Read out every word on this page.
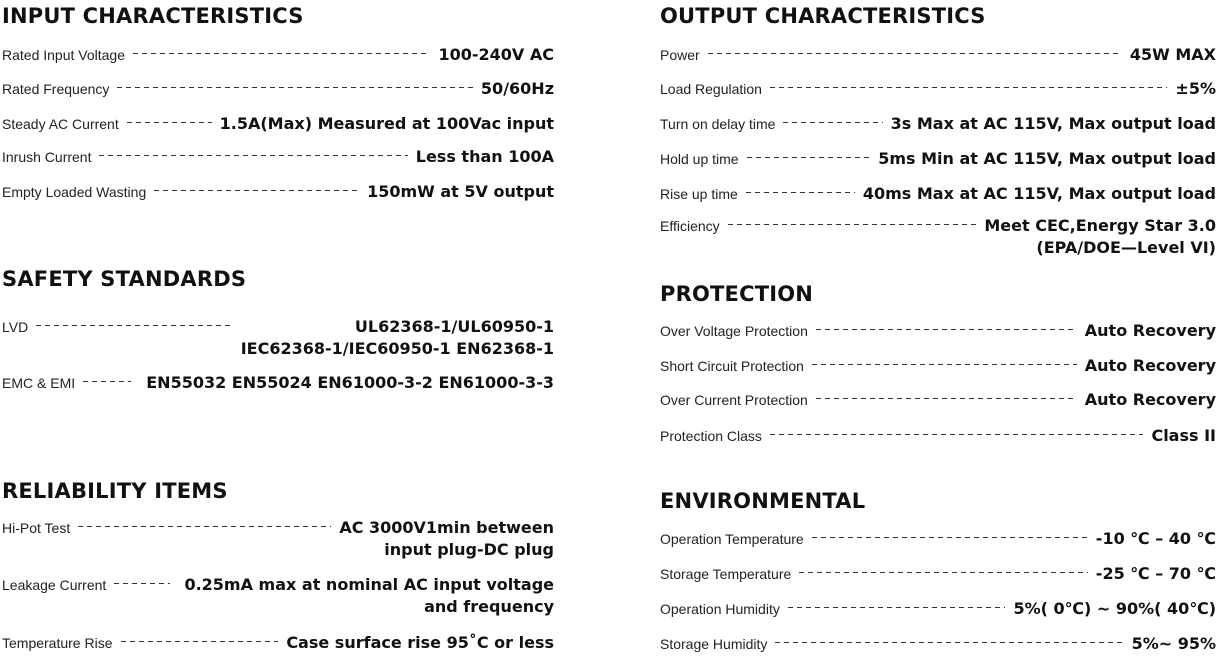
INPUT CHARACTERISTICS
Rated Input Voltage	100-240V AC
Rated Frequency	50/60Hz
Steady AC Current	1.5A(Max) Measured at 100Vac input
Inrush Current	Less than 100A
Empty Loaded Wasting	150mW at 5V output
SAFETY STANDARDS
LVD	UL62368-1/UL60950-1
IEC62368-1/IEC60950-1 EN62368-1
EMC & EMI	EN55032 EN55024 EN61000-3-2 EN61000-3-3
RELIABILITY ITEMS
Hi-Pot Test	AC 3000V1min between
input plug-DC plug
Leakage Current	0.25mA max at nominal AC input voltage
and frequency
Temperature Rise	Case surface rise 95˚C or less
OUTPUT CHARACTERISTICS
Power	45W MAX
Load Regulation	±5%
Turn on delay time	3s Max at AC 115V, Max output load
Hold up time	5ms Min at AC 115V, Max output load
Rise up time	40ms Max at AC 115V, Max output load
Efficiency	Meet CEC,Energy Star 3.0
(EPA/DOE—Level VI)
PROTECTION
Over Voltage Protection	Auto Recovery
Short Circuit Protection	Auto Recovery
Over Current Protection	Auto Recovery
Protection Class	Class II
ENVIRONMENTAL
Operation Temperature	-10 ℃ – 40 ℃
Storage Temperature	-25 ℃ – 70 ℃
Operation Humidity	5%( 0℃) ~ 90%( 40℃)
Storage Humidity	5%~ 95%
